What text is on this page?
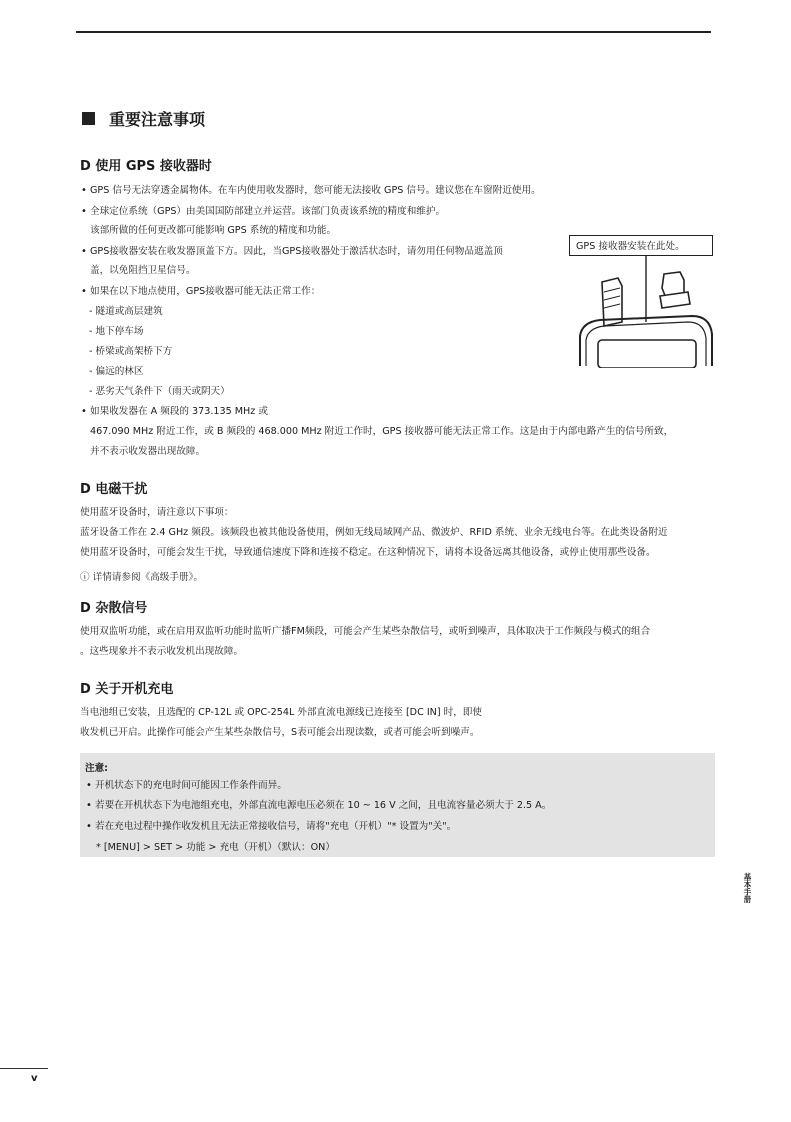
重要注意事项
D 使用 GPS 接收器时
• GPS 信号无法穿透金属物体。在车内使用收发器时，您可能无法接收 GPS 信号。建议您在车窗附近使用。
• 全球定位系统（GPS）由美国国防部建立并运营。该部门负责该系统的精度和维护。
该部所做的任何更改都可能影响 GPS 系统的精度和功能。
• GPS接收器安装在收发器顶盖下方。因此，当GPS接收器处于激活状态时，请勿用任何物品遮盖顶
盖，以免阻挡卫星信号。
• 如果在以下地点使用，GPS接收器可能无法正常工作：
- 隧道或高层建筑
- 地下停车场
- 桥梁或高架桥下方
- 偏远的林区
- 恶劣天气条件下（雨天或阴天）
• 如果收发器在 A 频段的 373.135 MHz 或
467.090 MHz 附近工作，或 B 频段的 468.000 MHz 附近工作时，GPS 接收器可能无法正常工作。这是由于内部电路产生的信号所致，
并不表示收发器出现故障。
GPS 接收器安装在此处。
D 电磁干扰
使用蓝牙设备时，请注意以下事项：
蓝牙设备工作在 2.4 GHz 频段。该频段也被其他设备使用，例如无线局域网产品、微波炉、RFID 系统、业余无线电台等。在此类设备附近
使用蓝牙设备时，可能会发生干扰，导致通信速度下降和连接不稳定。在这种情况下，请将本设备远离其他设备，或停止使用那些设备。
ⓘ 详情请参阅《高级手册》。
D 杂散信号
使用双监听功能，或在启用双监听功能时监听广播FM频段，可能会产生某些杂散信号，或听到噪声，具体取决于工作频段与模式的组合
。这些现象并不表示收发机出现故障。
D 关于开机充电
当电池组已安装，且选配的 CP-12L 或 OPC-254L 外部直流电源线已连接至 [DC IN] 时，即使
收发机已开启。此操作可能会产生某些杂散信号，S表可能会出现读数，或者可能会听到噪声。
注意:
• 开机状态下的充电时间可能因工作条件而异。
• 若要在开机状态下为电池组充电，外部直流电源电压必须在 10 ~ 16 V 之间，且电流容量必须大于 2.5 A。
• 若在充电过程中操作收发机且无法正常接收信号，请将"充电（开机）"* 设置为"关"。
* [MENU] > SET > 功能 > 充电（开机）（默认：ON）
基本手册
v
